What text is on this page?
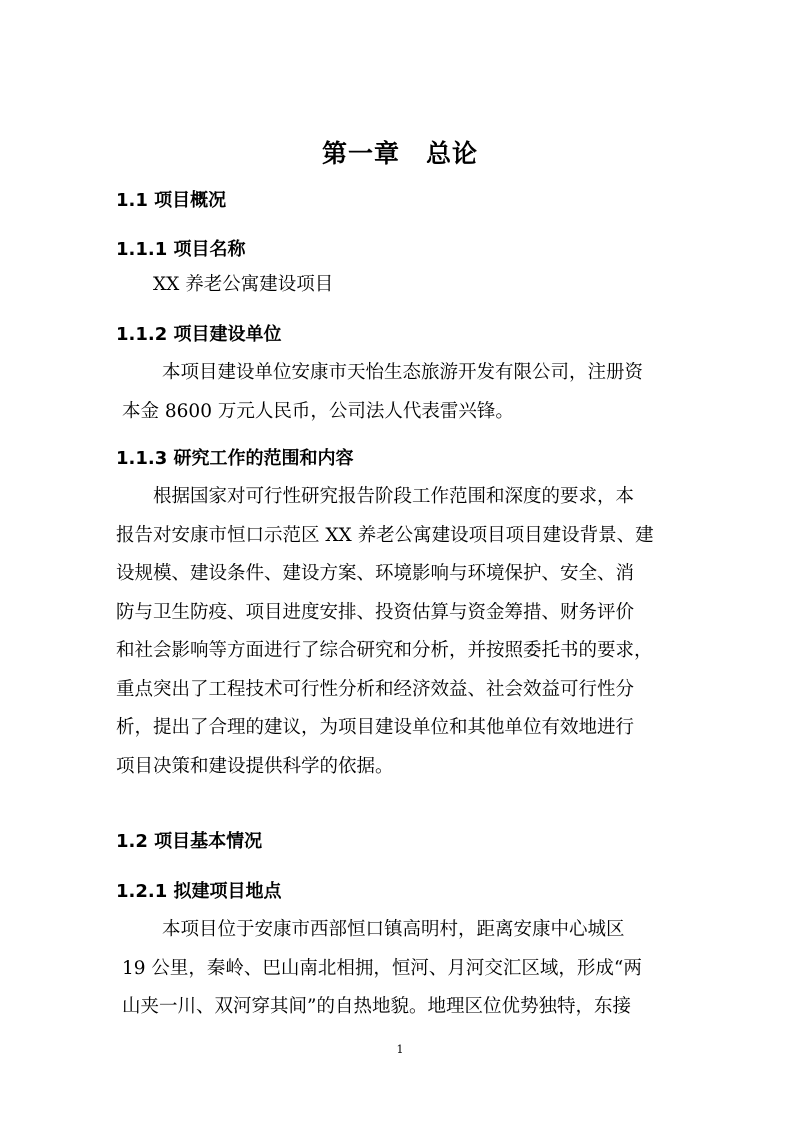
第一章　总论
1.1 项目概况
1.1.1 项目名称
XX 养老公寓建设项目
1.1.2 项目建设单位
本项目建设单位安康市天怡生态旅游开发有限公司，注册资
本金 8600 万元人民币，公司法人代表雷兴锋。
1.1.3 研究工作的范围和内容
根据国家对可行性研究报告阶段工作范围和深度的要求，本
报告对安康市恒口示范区 XX 养老公寓建设项目项目建设背景、建
设规模、建设条件、建设方案、环境影响与环境保护、安全、消
防与卫生防疫、项目进度安排、投资估算与资金筹措、财务评价
和社会影响等方面进行了综合研究和分析，并按照委托书的要求，
重点突出了工程技术可行性分析和经济效益、社会效益可行性分
析，提出了合理的建议，为项目建设单位和其他单位有效地进行
项目决策和建设提供科学的依据。
1.2 项目基本情况
1.2.1 拟建项目地点
本项目位于安康市西部恒口镇高明村，距离安康中心城区
19 公里，秦岭、巴山南北相拥，恒河、月河交汇区域，形成“两
山夹一川、双河穿其间”的自热地貌。地理区位优势独特，东接
1
